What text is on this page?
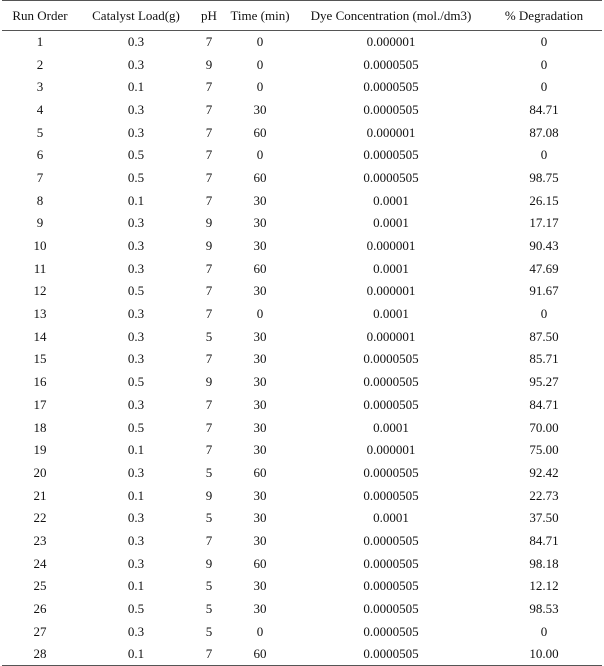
Run Order	Catalyst Load(g)	pH	Time (min)	Dye Concentration (mol./dm3)	% Degradation
1	0.3	7	0	0.000001	0
2	0.3	9	0	0.0000505	0
3	0.1	7	0	0.0000505	0
4	0.3	7	30	0.0000505	84.71
5	0.3	7	60	0.000001	87.08
6	0.5	7	0	0.0000505	0
7	0.5	7	60	0.0000505	98.75
8	0.1	7	30	0.0001	26.15
9	0.3	9	30	0.0001	17.17
10	0.3	9	30	0.000001	90.43
11	0.3	7	60	0.0001	47.69
12	0.5	7	30	0.000001	91.67
13	0.3	7	0	0.0001	0
14	0.3	5	30	0.000001	87.50
15	0.3	7	30	0.0000505	85.71
16	0.5	9	30	0.0000505	95.27
17	0.3	7	30	0.0000505	84.71
18	0.5	7	30	0.0001	70.00
19	0.1	7	30	0.000001	75.00
20	0.3	5	60	0.0000505	92.42
21	0.1	9	30	0.0000505	22.73
22	0.3	5	30	0.0001	37.50
23	0.3	7	30	0.0000505	84.71
24	0.3	9	60	0.0000505	98.18
25	0.1	5	30	0.0000505	12.12
26	0.5	5	30	0.0000505	98.53
27	0.3	5	0	0.0000505	0
28	0.1	7	60	0.0000505	10.00
